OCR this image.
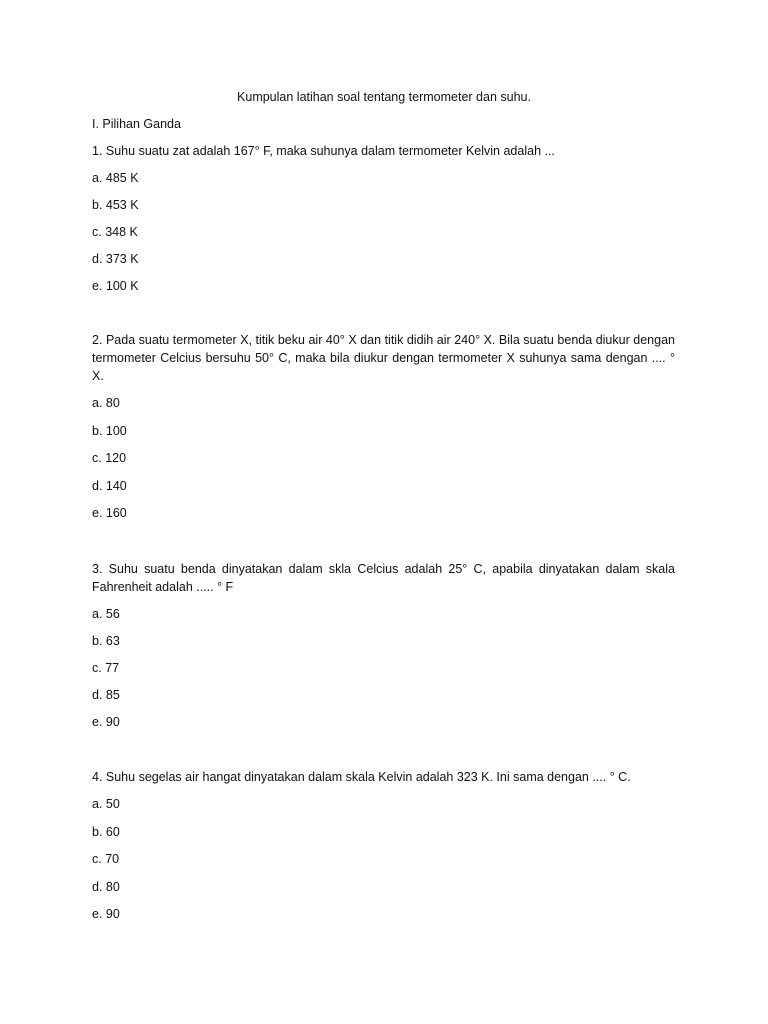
Kumpulan latihan soal tentang termometer dan suhu.
I. Pilihan Ganda

1. Suhu suatu zat adalah 167° F, maka suhunya dalam termometer Kelvin adalah ...

a. 485 K

b. 453 K

c. 348 K

d. 373 K

e. 100 K

2. Pada suatu termometer X, titik beku air 40° X dan titik didih air 240° X. Bila suatu benda diukur dengan termometer Celcius bersuhu 50° C, maka bila diukur dengan termometer X suhunya sama dengan .... ° X.

a. 80

b. 100

c. 120

d. 140

e. 160

3. Suhu suatu benda dinyatakan dalam skla Celcius adalah 25° C, apabila dinyatakan dalam skala Fahrenheit adalah ..... ° F

a. 56

b. 63

c. 77

d. 85

e. 90

4. Suhu segelas air hangat dinyatakan dalam skala Kelvin adalah 323 K. Ini sama dengan .... ° C.

a. 50

b. 60

c. 70

d. 80

e. 90
